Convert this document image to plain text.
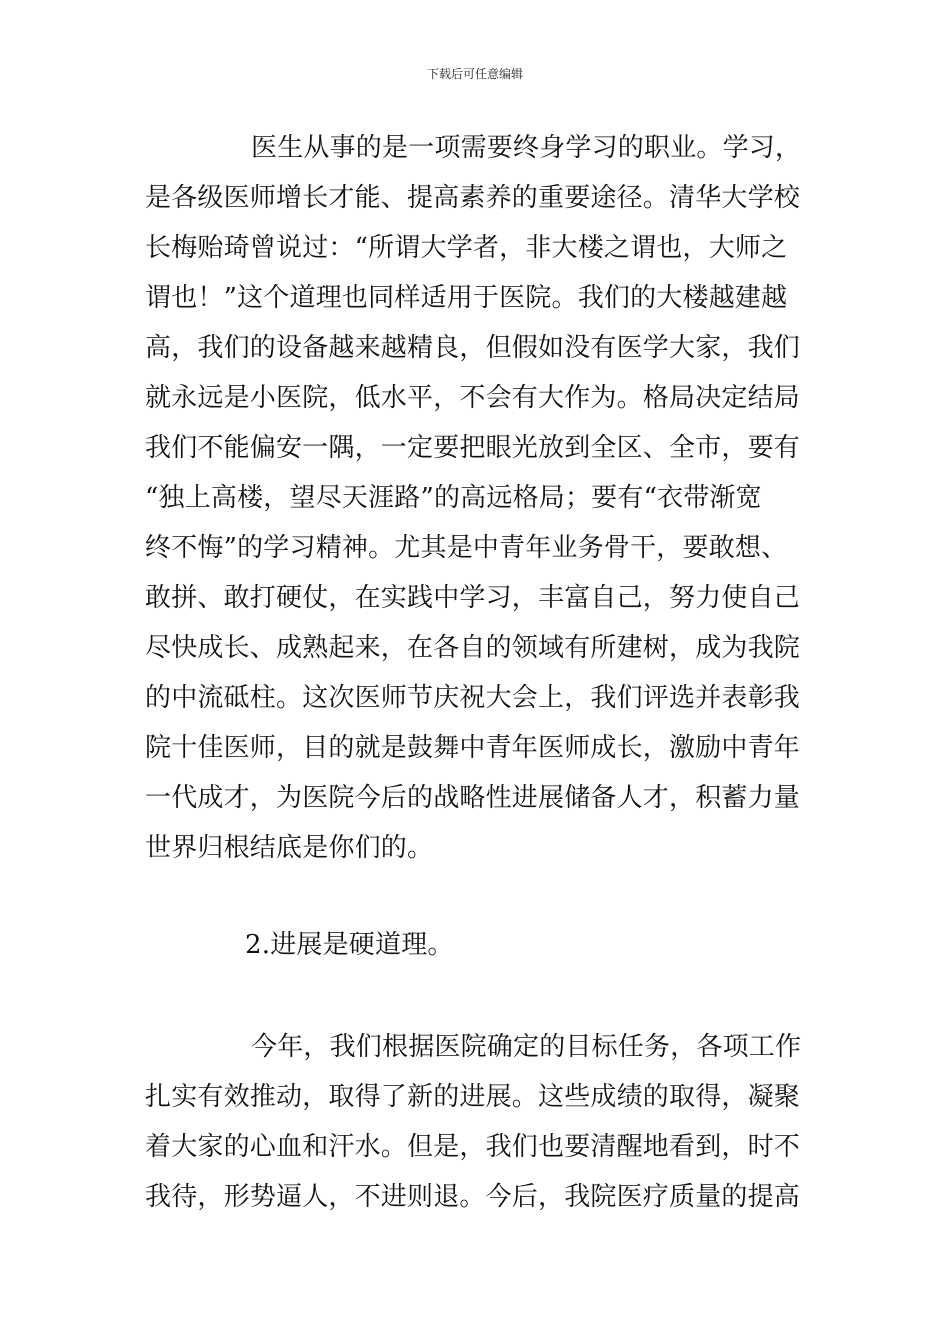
下载后可任意编辑
医生从事的是一项需要终身学习的职业。学习，
是各级医师增长才能、提高素养的重要途径。清华大学校
长梅贻琦曾说过：“所谓大学者，非大楼之谓也，大师之
谓也！”这个道理也同样适用于医院。我们的大楼越建越
高，我们的设备越来越精良，但假如没有医学大家，我们
就永远是小医院，低水平，不会有大作为。格局决定结局
我们不能偏安一隅，一定要把眼光放到全区、全市，要有
“独上高楼，望尽天涯路”的高远格局；要有“衣带渐宽
终不悔”的学习精神。尤其是中青年业务骨干，要敢想、
敢拼、敢打硬仗，在实践中学习，丰富自己，努力使自己
尽快成长、成熟起来，在各自的领域有所建树，成为我院
的中流砥柱。这次医师节庆祝大会上，我们评选并表彰我
院十佳医师，目的就是鼓舞中青年医师成长，激励中青年
一代成才，为医院今后的战略性进展储备人才，积蓄力量
世界归根结底是你们的。
2.进展是硬道理。
今年，我们根据医院确定的目标任务，各项工作
扎实有效推动，取得了新的进展。这些成绩的取得，凝聚
着大家的心血和汗水。但是，我们也要清醒地看到，时不
我待，形势逼人，不进则退。今后，我院医疗质量的提高
